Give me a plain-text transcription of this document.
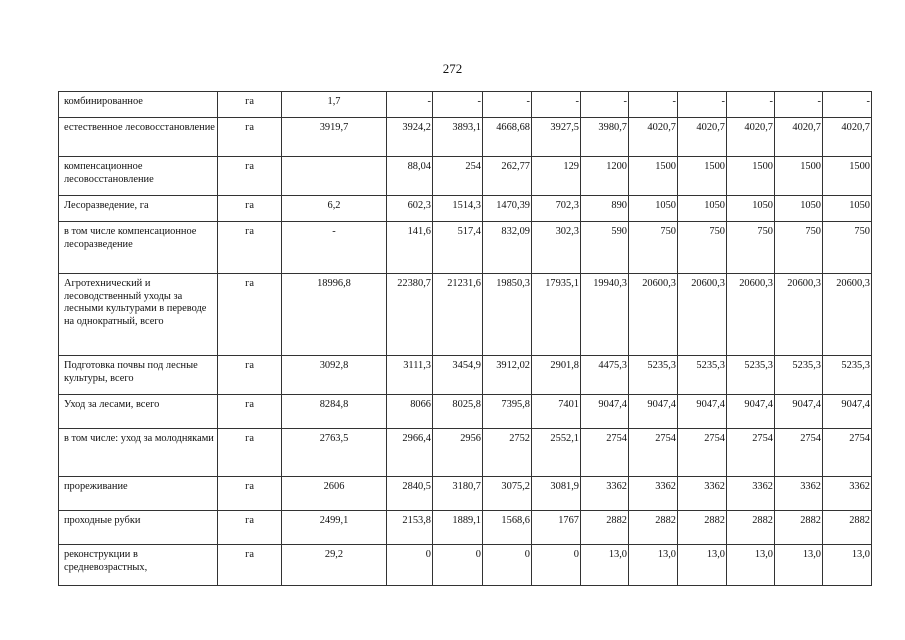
272
комбинированное	га	1,7	-	-	-	-	-	-	-	-	-	-
естественное лесовосстановление	га	3919,7	3924,2	3893,1	4668,68	3927,5	3980,7	4020,7	4020,7	4020,7	4020,7	4020,7
компенсационное лесовосстановление	га		88,04	254	262,77	129	1200	1500	1500	1500	1500	1500
Лесоразведение, га	га	6,2	602,3	1514,3	1470,39	702,3	890	1050	1050	1050	1050	1050
в том числе компенсационное лесоразведение	га	-	141,6	517,4	832,09	302,3	590	750	750	750	750	750
Агротехнический и лесоводственный уходы за лесными культурами в переводе на однократный, всего	га	18996,8	22380,7	21231,6	19850,3	17935,1	19940,3	20600,3	20600,3	20600,3	20600,3	20600,3
Подготовка почвы под лесные культуры, всего	га	3092,8	3111,3	3454,9	3912,02	2901,8	4475,3	5235,3	5235,3	5235,3	5235,3	5235,3
Уход за лесами, всего	га	8284,8	8066	8025,8	7395,8	7401	9047,4	9047,4	9047,4	9047,4	9047,4	9047,4
в том числе: уход за молодняками	га	2763,5	2966,4	2956	2752	2552,1	2754	2754	2754	2754	2754	2754
прореживание	га	2606	2840,5	3180,7	3075,2	3081,9	3362	3362	3362	3362	3362	3362
проходные рубки	га	2499,1	2153,8	1889,1	1568,6	1767	2882	2882	2882	2882	2882	2882
реконструкции в средневозрастных,	га	29,2	0	0	0	0	13,0	13,0	13,0	13,0	13,0	13,0
